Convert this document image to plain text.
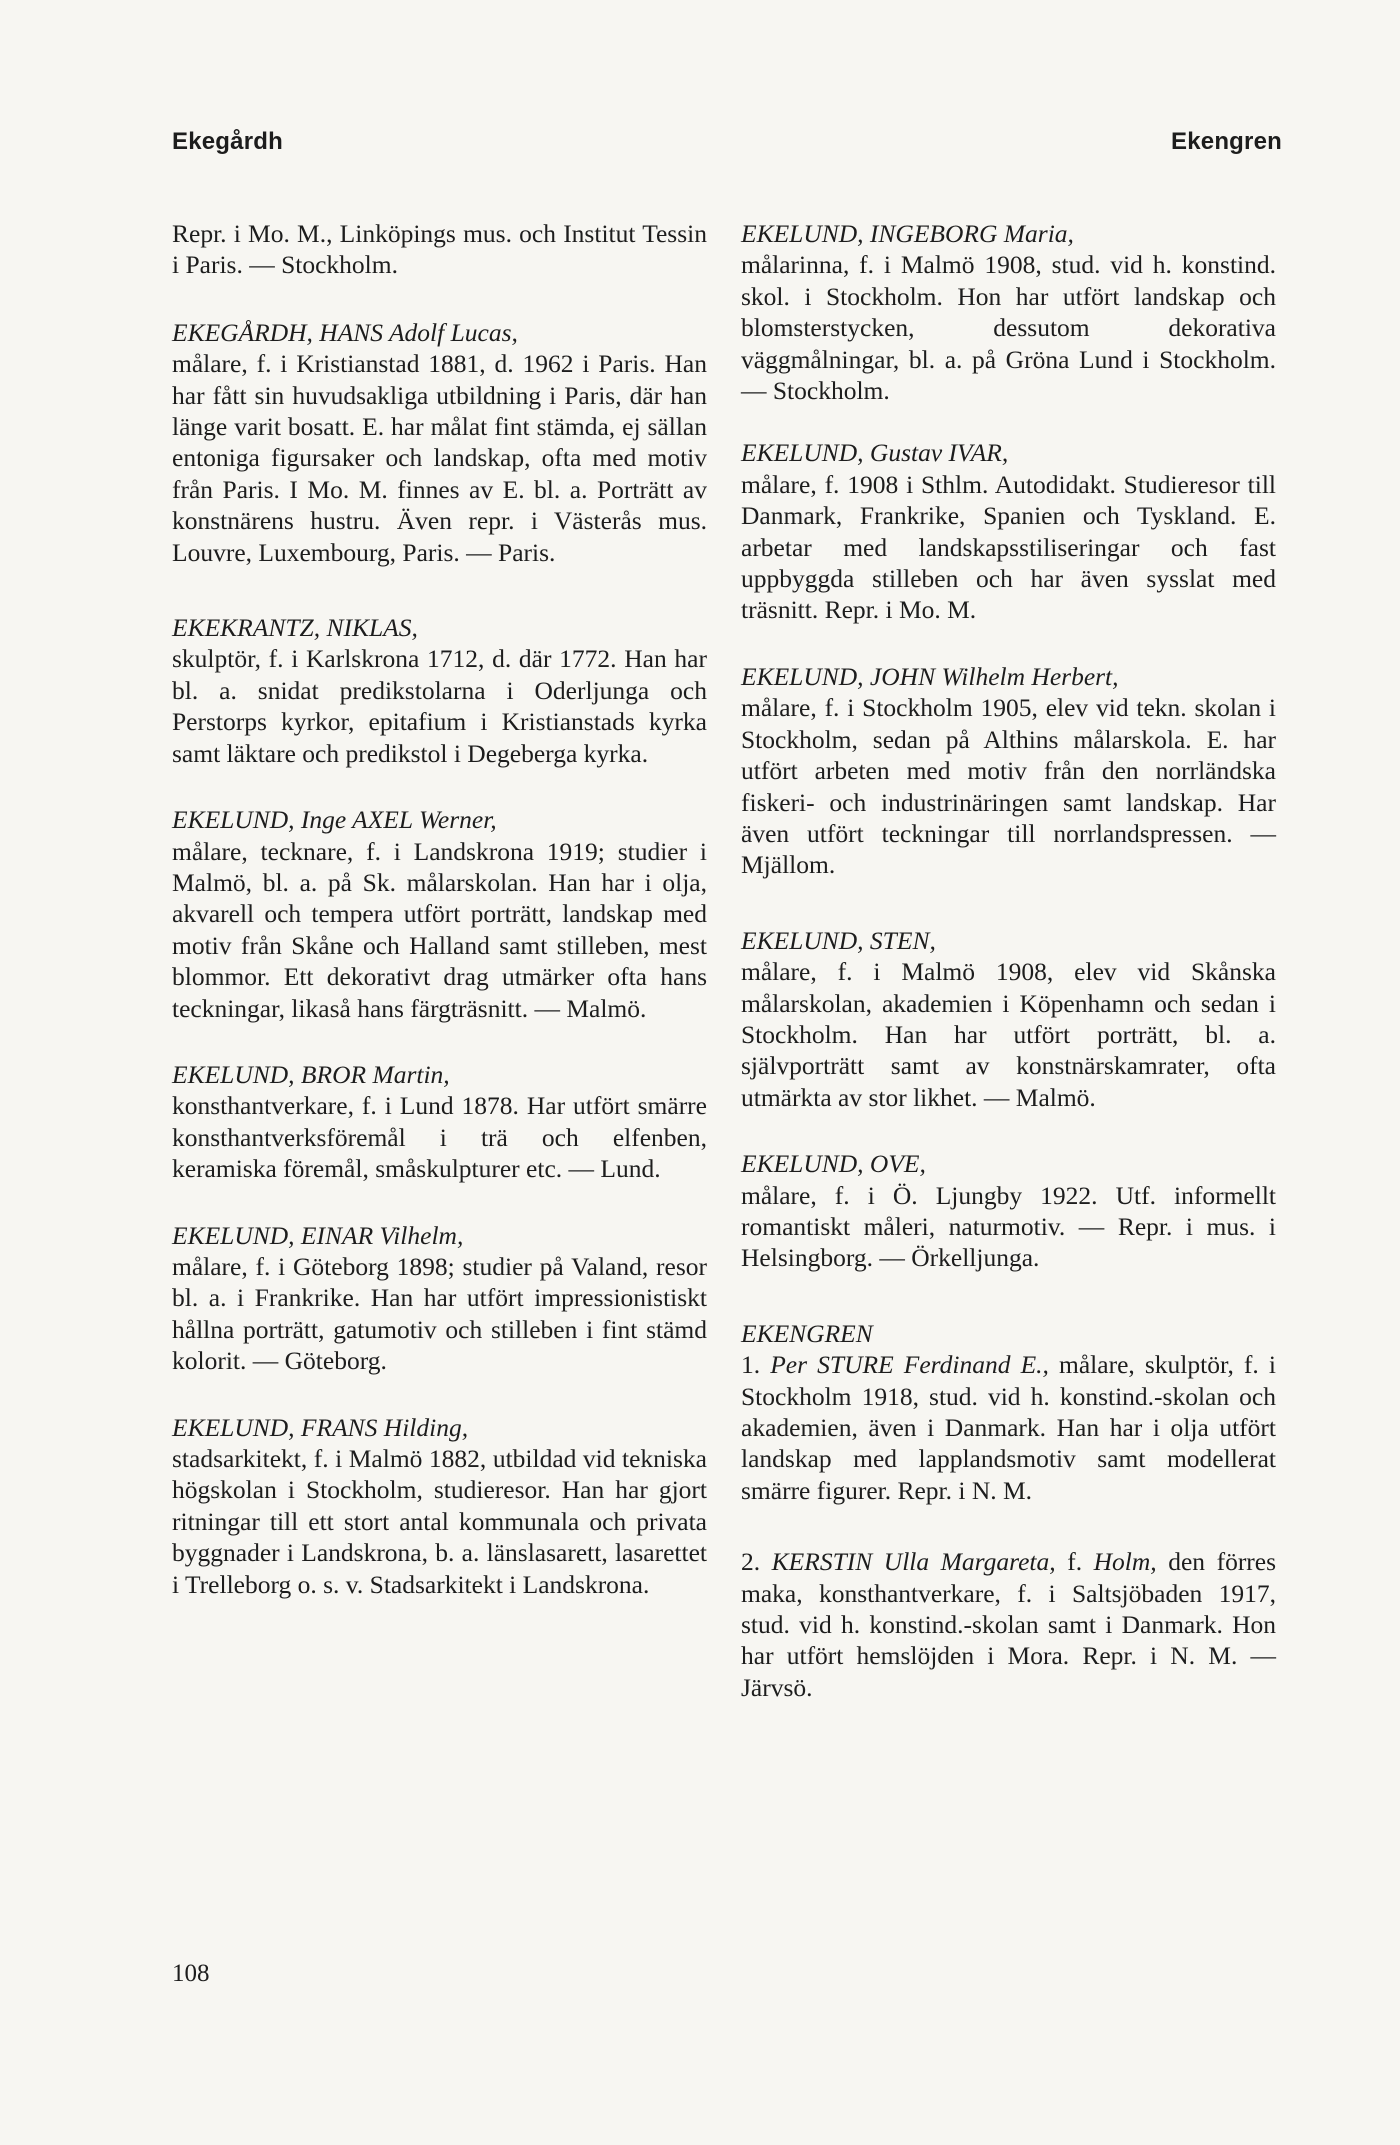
Ekegårdh	Ekengren
Repr. i Mo. M., Linköpings mus. och Institut Tessin i Paris. — Stockholm.
EKEGÅRDH, HANS Adolf Lucas,
målare, f. i Kristianstad 1881, d. 1962 i Paris. Han har fått sin huvudsakliga utbildning i Paris, där han länge varit bosatt. E. har målat fint stämda, ej sällan entoniga figursaker och landskap, ofta med motiv från Paris. I Mo. M. finnes av E. bl. a. Porträtt av konstnärens hustru. Även repr. i Västerås mus. Louvre, Luxembourg, Paris. — Paris.
EKEKRANTZ, NIKLAS,
skulptör, f. i Karlskrona 1712, d. där 1772. Han har bl. a. snidat predikstolarna i Oderljunga och Perstorps kyrkor, epitafium i Kristianstads kyrka samt läktare och predikstol i Degeberga kyrka.
EKELUND, Inge AXEL Werner,
målare, tecknare, f. i Landskrona 1919; studier i Malmö, bl. a. på Sk. målarskolan. Han har i olja, akvarell och tempera utfört porträtt, landskap med motiv från Skåne och Halland samt stilleben, mest blommor. Ett dekorativt drag utmärker ofta hans teckningar, likaså hans färgträsnitt. — Malmö.
EKELUND, BROR Martin,
konsthantverkare, f. i Lund 1878. Har utfört smärre konsthantverksföremål i trä och elfenben, keramiska föremål, småskulpturer etc. — Lund.
EKELUND, EINAR Vilhelm,
målare, f. i Göteborg 1898; studier på Valand, resor bl. a. i Frankrike. Han har utfört impressionistiskt hållna porträtt, gatumotiv och stilleben i fint stämd kolorit. — Göteborg.
EKELUND, FRANS Hilding,
stadsarkitekt, f. i Malmö 1882, utbildad vid tekniska högskolan i Stockholm, studieresor. Han har gjort ritningar till ett stort antal kommunala och privata byggnader i Landskrona, b. a. länslasarett, lasarettet i Trelleborg o. s. v. Stadsarkitekt i Landskrona.
EKELUND, INGEBORG Maria,
målarinna, f. i Malmö 1908, stud. vid h. konstind. skol. i Stockholm. Hon har utfört landskap och blomsterstycken, dessutom dekorativa väggmålningar, bl. a. på Gröna Lund i Stockholm. — Stockholm.
EKELUND, Gustav IVAR,
målare, f. 1908 i Sthlm. Autodidakt. Studieresor till Danmark, Frankrike, Spanien och Tyskland. E. arbetar med landskapsstiliseringar och fast uppbyggda stilleben och har även sysslat med träsnitt. Repr. i Mo. M.
EKELUND, JOHN Wilhelm Herbert,
målare, f. i Stockholm 1905, elev vid tekn. skolan i Stockholm, sedan på Althins målarskola. E. har utfört arbeten med motiv från den norrländska fiskeri- och industrinäringen samt landskap. Har även utfört teckningar till norrlandspressen. — Mjällom.
EKELUND, STEN,
målare, f. i Malmö 1908, elev vid Skånska målarskolan, akademien i Köpenhamn och sedan i Stockholm. Han har utfört porträtt, bl. a. självporträtt samt av konstnärskamrater, ofta utmärkta av stor likhet. — Malmö.
EKELUND, OVE,
målare, f. i Ö. Ljungby 1922. Utf. informellt romantiskt måleri, naturmotiv. — Repr. i mus. i Helsingborg. — Örkelljunga.
EKENGREN
1. Per STURE Ferdinand E., målare, skulptör, f. i Stockholm 1918, stud. vid h. konstind.-skolan och akademien, även i Danmark. Han har i olja utfört landskap med lapplandsmotiv samt modellerat smärre figurer. Repr. i N. M.
2. KERSTIN Ulla Margareta, f. Holm, den förres maka, konsthantverkare, f. i Saltsjöbaden 1917, stud. vid h. konstind.-skolan samt i Danmark. Hon har utfört hemslöjden i Mora. Repr. i N. M. — Järvsö.
108
